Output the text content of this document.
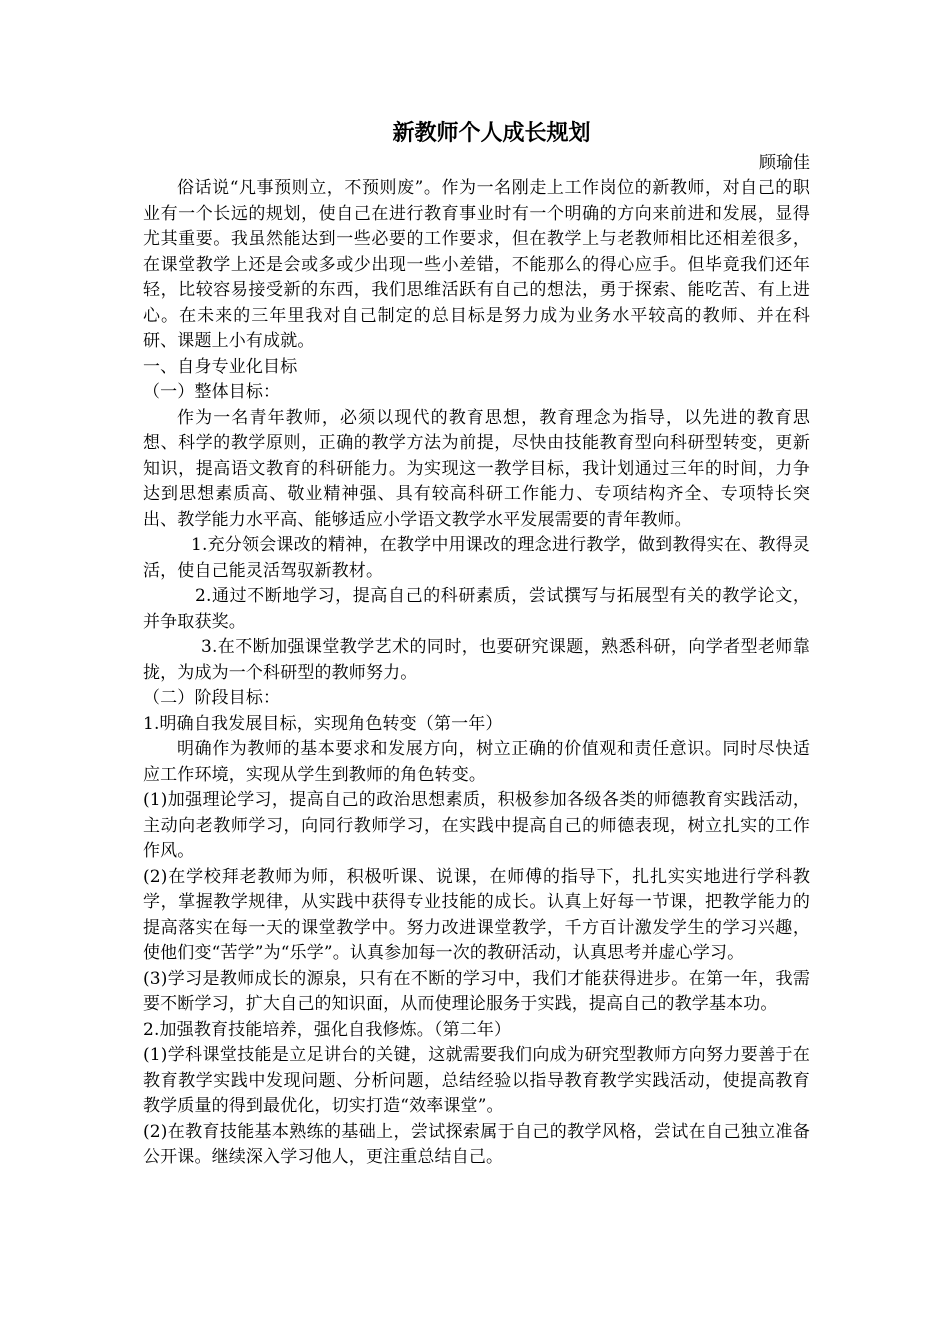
新教师个人成长规划
顾瑜佳

俗话说“凡事预则立，不预则废”。作为一名刚走上工作岗位的新教师，对自己的职业有一个长远的规划，使自己在进行教育事业时有一个明确的方向来前进和发展，显得尤其重要。我虽然能达到一些必要的工作要求，但在教学上与老教师相比还相差很多，在课堂教学上还是会或多或少出现一些小差错，不能那么的得心应手。但毕竟我们还年轻，比较容易接受新的东西，我们思维活跃有自己的想法，勇于探索、能吃苦、有上进心。在未来的三年里我对自己制定的总目标是努力成为业务水平较高的教师、并在科研、课题上小有成就。

一、自身专业化目标

（一）整体目标：

作为一名青年教师，必须以现代的教育思想，教育理念为指导，以先进的教育思想、科学的教学原则，正确的教学方法为前提，尽快由技能教育型向科研型转变，更新知识，提高语文教育的科研能力。为实现这一教学目标，我计划通过三年的时间，力争达到思想素质高、敬业精神强、具有较高科研工作能力、专项结构齐全、专项特长突出、教学能力水平高、能够适应小学语文教学水平发展需要的青年教师。

1.充分领会课改的精神，在教学中用课改的理念进行教学，做到教得实在、教得灵活，使自己能灵活驾驭新教材。

2.通过不断地学习，提高自己的科研素质，尝试撰写与拓展型有关的教学论文，并争取获奖。

3.在不断加强课堂教学艺术的同时，也要研究课题，熟悉科研，向学者型老师靠拢，为成为一个科研型的教师努力。

（二）阶段目标：

1.明确自我发展目标，实现角色转变（第一年）

明确作为教师的基本要求和发展方向，树立正确的价值观和责任意识。同时尽快适应工作环境，实现从学生到教师的角色转变。

(1)加强理论学习，提高自己的政治思想素质，积极参加各级各类的师德教育实践活动，主动向老教师学习，向同行教师学习，在实践中提高自己的师德表现，树立扎实的工作作风。

(2)在学校拜老教师为师，积极听课、说课，在师傅的指导下，扎扎实实地进行学科教学，掌握教学规律，从实践中获得专业技能的成长。认真上好每一节课，把教学能力的提高落实在每一天的课堂教学中。努力改进课堂教学，千方百计激发学生的学习兴趣，使他们变“苦学”为“乐学”。认真参加每一次的教研活动，认真思考并虚心学习。

(3)学习是教师成长的源泉，只有在不断的学习中，我们才能获得进步。在第一年，我需要不断学习，扩大自己的知识面，从而使理论服务于实践，提高自己的教学基本功。

2.加强教育技能培养，强化自我修炼。（第二年）

(1)学科课堂技能是立足讲台的关键，这就需要我们向成为研究型教师方向努力要善于在教育教学实践中发现问题、分析问题，总结经验以指导教育教学实践活动，使提高教育教学质量的得到最优化，切实打造“效率课堂”。

(2)在教育技能基本熟练的基础上，尝试探索属于自己的教学风格，尝试在自己独立准备公开课。继续深入学习他人，更注重总结自己。
